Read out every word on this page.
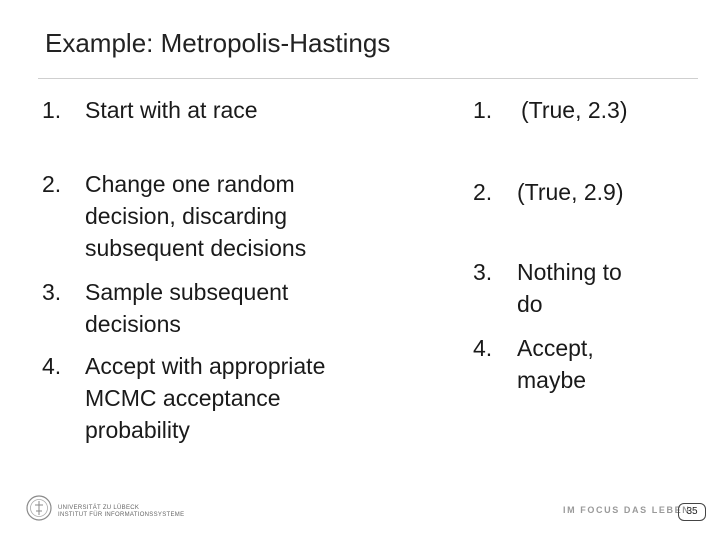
Example: Metropolis-Hastings
1. Start with at race
2. Change one random
decision, discarding
subsequent decisions
3. Sample subsequent
decisions
4. Accept with appropriate
MCMC acceptance
probability
1. (True, 2.3)
2. (True, 2.9)
3. Nothing to
do
4. Accept,
maybe
UNIVERSITÄT ZU LÜBECK
INSTITUT FÜR INFORMATIONSSYSTEME	IM FOCUS DAS LEBEN
35
